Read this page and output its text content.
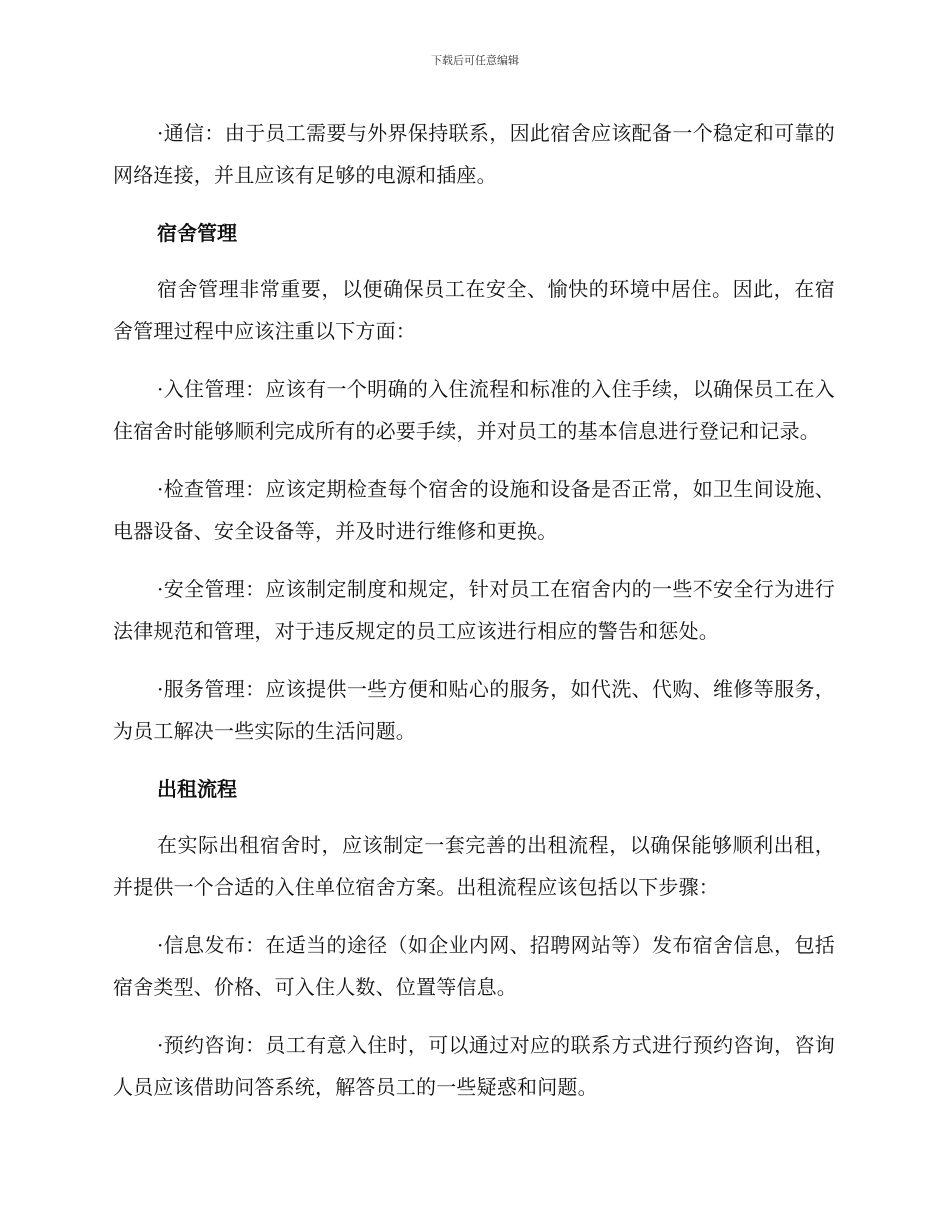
下载后可任意编辑

·通信：由于员工需要与外界保持联系，因此宿舍应该配备一个稳定和可靠的网络连接，并且应该有足够的电源和插座。

宿舍管理

宿舍管理非常重要，以便确保员工在安全、愉快的环境中居住。因此，在宿舍管理过程中应该注重以下方面：

·入住管理：应该有一个明确的入住流程和标准的入住手续，以确保员工在入住宿舍时能够顺利完成所有的必要手续，并对员工的基本信息进行登记和记录。

·检查管理：应该定期检查每个宿舍的设施和设备是否正常，如卫生间设施、电器设备、安全设备等，并及时进行维修和更换。

·安全管理：应该制定制度和规定，针对员工在宿舍内的一些不安全行为进行法律规范和管理，对于违反规定的员工应该进行相应的警告和惩处。

·服务管理：应该提供一些方便和贴心的服务，如代洗、代购、维修等服务，为员工解决一些实际的生活问题。

出租流程

在实际出租宿舍时，应该制定一套完善的出租流程，以确保能够顺利出租，并提供一个合适的入住单位宿舍方案。出租流程应该包括以下步骤：

·信息发布：在适当的途径（如企业内网、招聘网站等）发布宿舍信息，包括宿舍类型、价格、可入住人数、位置等信息。

·预约咨询：员工有意入住时，可以通过对应的联系方式进行预约咨询，咨询人员应该借助问答系统，解答员工的一些疑惑和问题。
